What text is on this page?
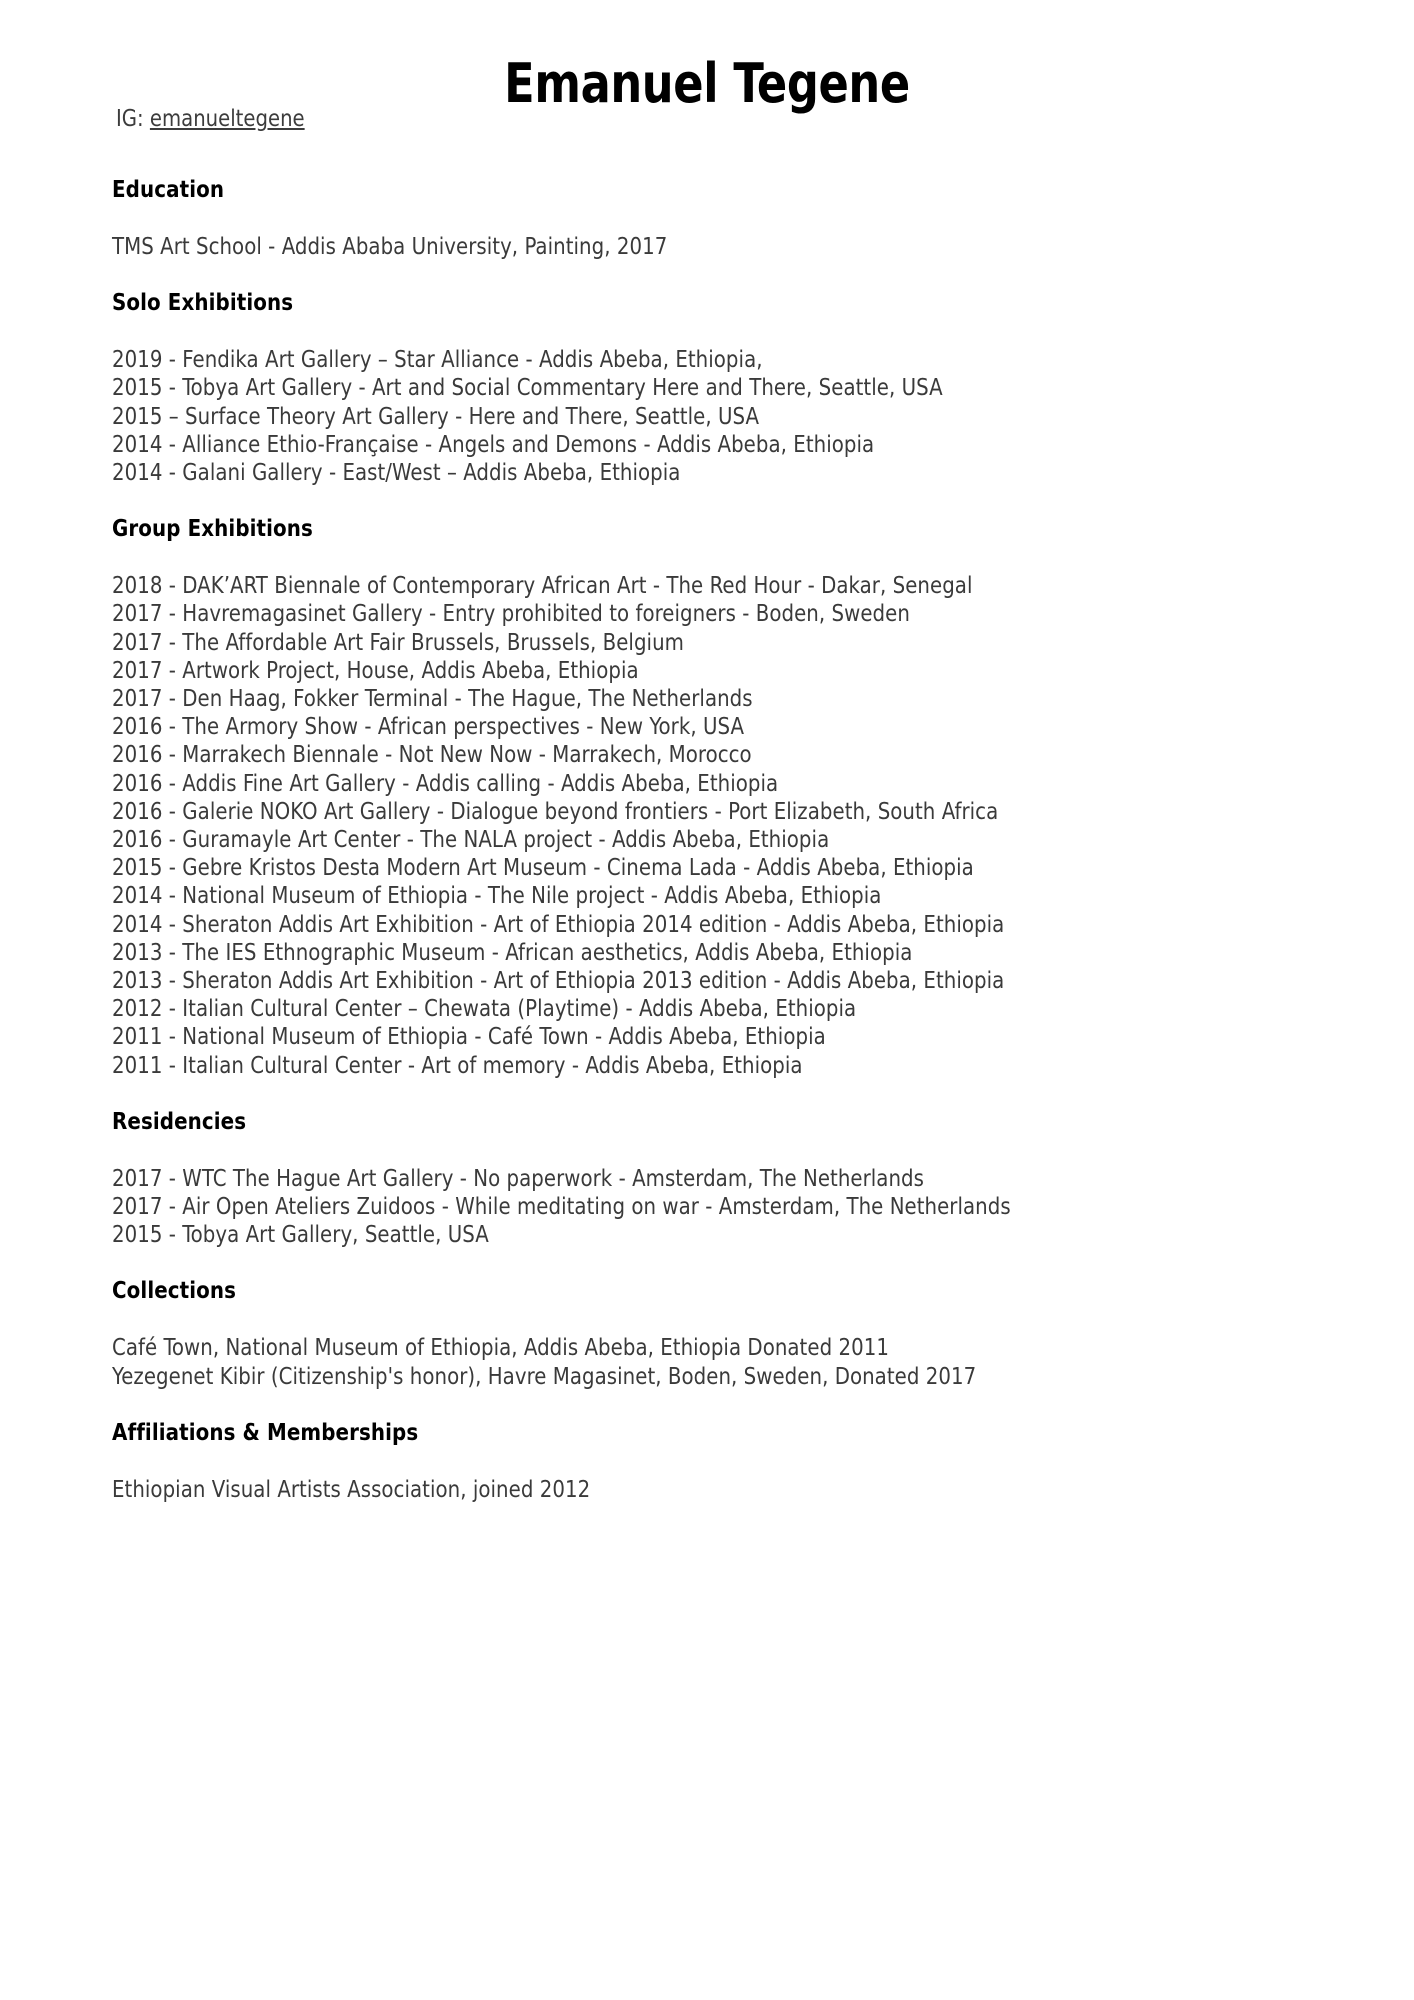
Emanuel Tegene
IG: emanueltegene
Education
TMS Art School - Addis Ababa University, Painting, 2017
Solo Exhibitions
2019 - Fendika Art Gallery – Star Alliance - Addis Abeba, Ethiopia,
2015 - Tobya Art Gallery - Art and Social Commentary Here and There, Seattle, USA
2015 – Surface Theory Art Gallery - Here and There, Seattle, USA
2014 - Alliance Ethio-Française - Angels and Demons - Addis Abeba, Ethiopia
2014 - Galani Gallery - East/West – Addis Abeba, Ethiopia
Group Exhibitions
2018 - DAK’ART Biennale of Contemporary African Art - The Red Hour - Dakar, Senegal
2017 - Havremagasinet Gallery - Entry prohibited to foreigners - Boden, Sweden
2017 - The Affordable Art Fair Brussels, Brussels, Belgium
2017 - Artwork Project, House, Addis Abeba, Ethiopia
2017 - Den Haag, Fokker Terminal - The Hague, The Netherlands
2016 - The Armory Show - African perspectives - New York, USA
2016 - Marrakech Biennale - Not New Now - Marrakech, Morocco
2016 - Addis Fine Art Gallery - Addis calling - Addis Abeba, Ethiopia
2016 - Galerie NOKO Art Gallery - Dialogue beyond frontiers - Port Elizabeth, South Africa
2016 - Guramayle Art Center - The NALA project - Addis Abeba, Ethiopia
2015 - Gebre Kristos Desta Modern Art Museum - Cinema Lada - Addis Abeba, Ethiopia
2014 - National Museum of Ethiopia - The Nile project - Addis Abeba, Ethiopia
2014 - Sheraton Addis Art Exhibition - Art of Ethiopia 2014 edition - Addis Abeba, Ethiopia
2013 - The IES Ethnographic Museum - African aesthetics, Addis Abeba, Ethiopia
2013 - Sheraton Addis Art Exhibition - Art of Ethiopia 2013 edition - Addis Abeba, Ethiopia
2012 - Italian Cultural Center – Chewata (Playtime) - Addis Abeba, Ethiopia
2011 - National Museum of Ethiopia - Café Town - Addis Abeba, Ethiopia
2011 - Italian Cultural Center - Art of memory - Addis Abeba, Ethiopia
Residencies
2017 - WTC The Hague Art Gallery - No paperwork - Amsterdam, The Netherlands
2017 - Air Open Ateliers Zuidoos - While meditating on war - Amsterdam, The Netherlands
2015 - Tobya Art Gallery, Seattle, USA
Collections
Café Town, National Museum of Ethiopia, Addis Abeba, Ethiopia Donated 2011
Yezegenet Kibir (Citizenship's honor), Havre Magasinet, Boden, Sweden, Donated 2017
Affiliations & Memberships
Ethiopian Visual Artists Association, joined 2012
